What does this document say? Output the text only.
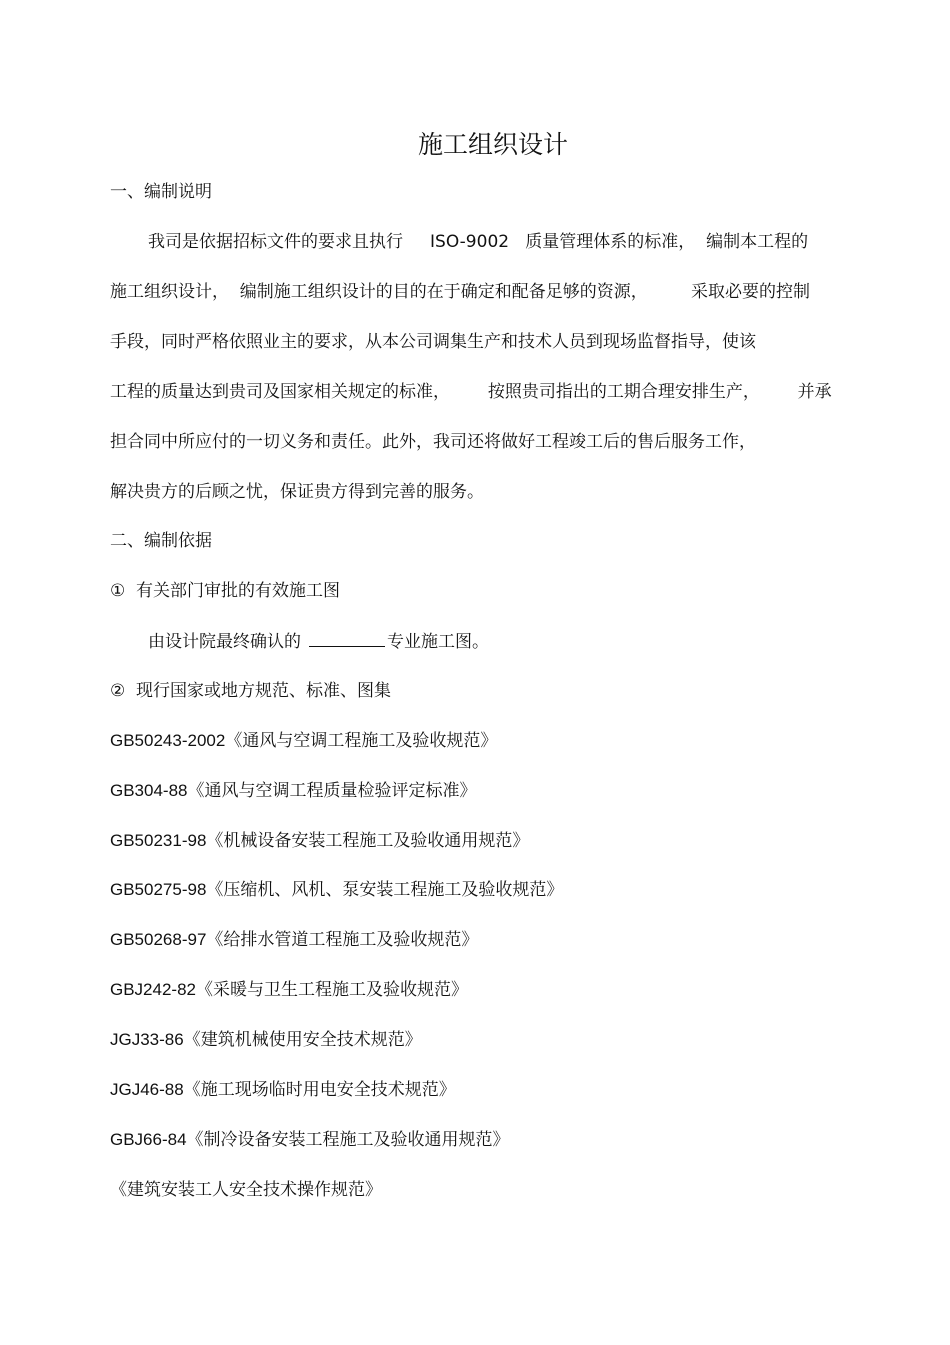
施工组织设计
一、编制说明
我司是依据招标文件的要求且执行     ISO-9002   质量管理体系的标准，  编制本工程的
施工组织设计，  编制施工组织设计的目的在于确定和配备足够的资源，        采取必要的控制
手段，同时严格依照业主的要求，从本公司调集生产和技术人员到现场监督指导，使该
工程的质量达到贵司及国家相关规定的标准，       按照贵司指出的工期合理安排生产，       并承
担合同中所应付的一切义务和责任。此外，我司还将做好工程竣工后的售后服务工作，
解决贵方的后顾之忧，保证贵方得到完善的服务。
二、编制依据
①  有关部门审批的有效施工图
由设计院最终确认的	专业施工图。
②  现行国家或地方规范、标准、图集
GB50243-2002《通风与空调工程施工及验收规范》
GB304-88《通风与空调工程质量检验评定标准》
GB50231-98《机械设备安装工程施工及验收通用规范》
GB50275-98《压缩机、风机、泵安装工程施工及验收规范》
GB50268-97《给排水管道工程施工及验收规范》
GBJ242-82《采暖与卫生工程施工及验收规范》
JGJ33-86《建筑机械使用安全技术规范》
JGJ46-88《施工现场临时用电安全技术规范》
GBJ66-84《制冷设备安装工程施工及验收通用规范》
《建筑安装工人安全技术操作规范》
